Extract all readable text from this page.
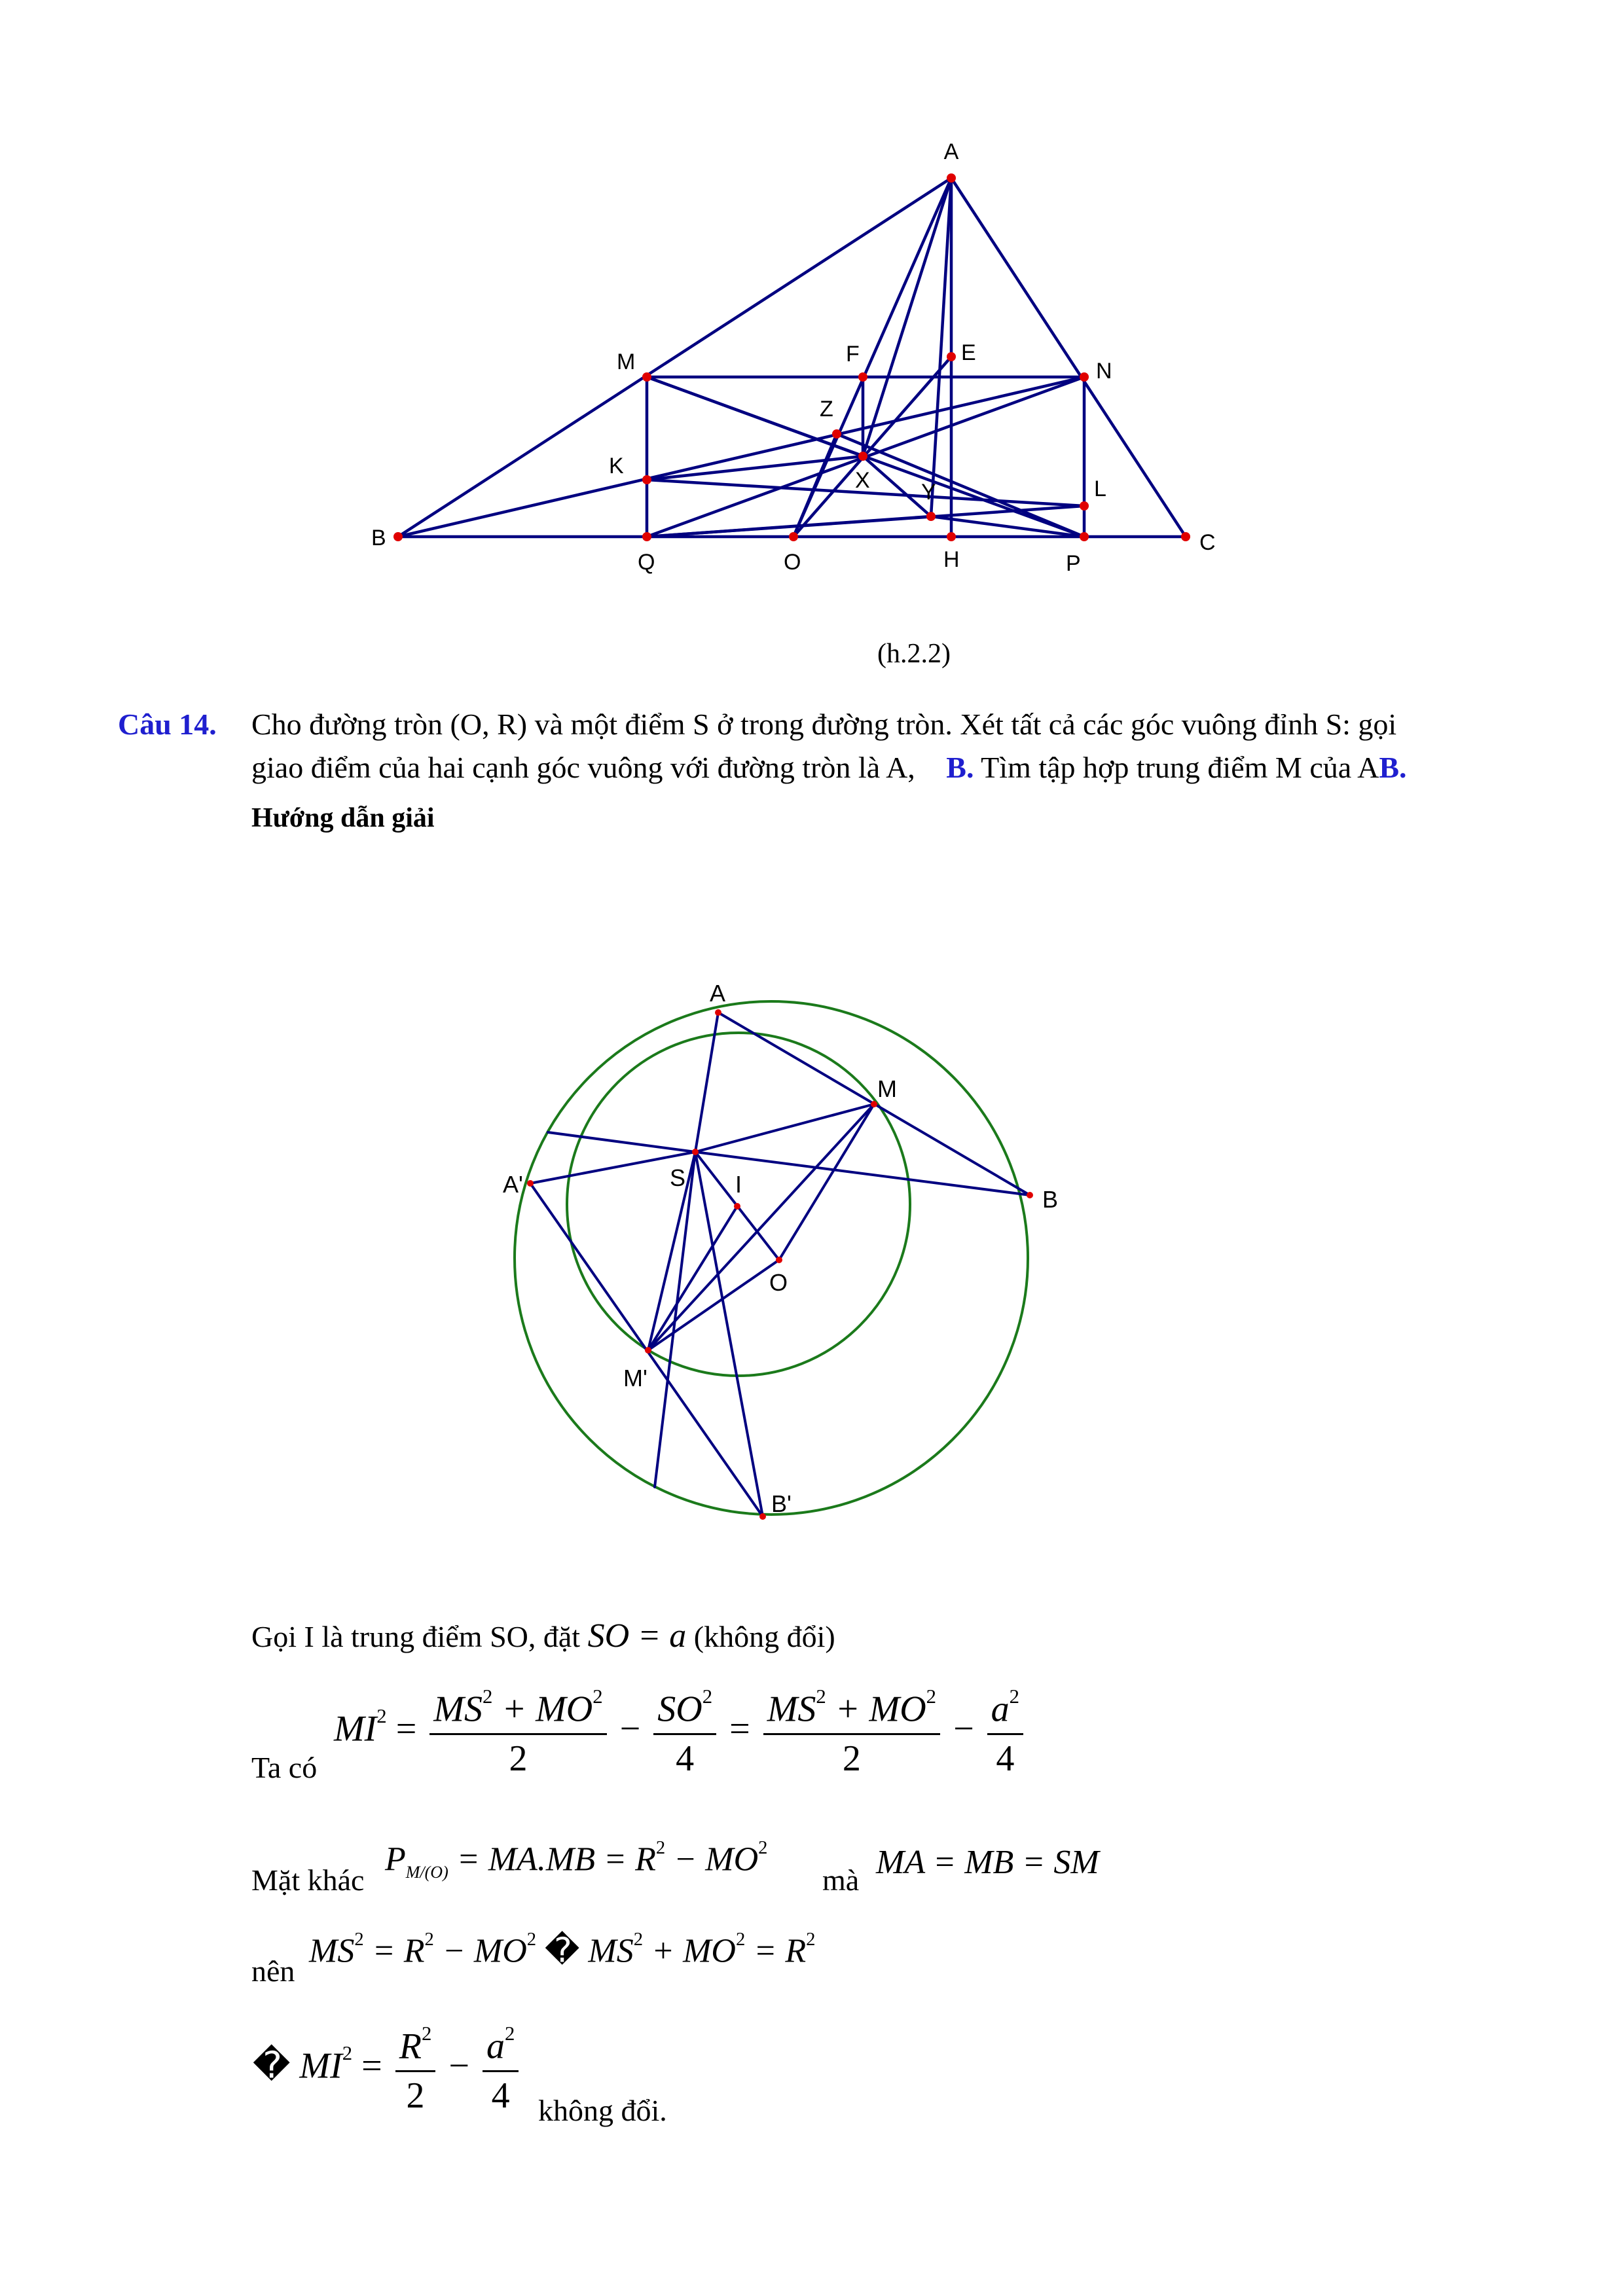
A
B	C
M	N
F	E
Z
X Y
K
L
Q	O	H	P
(h.2.2)
Câu 14. Cho đường tròn (O, R) và một điểm S ở trong đường tròn. Xét tất cả các góc vuông đỉnh S: gọi
giao điểm của hai cạnh góc vuông với đường tròn là A, B. Tìm tập hợp trung điểm M của AB.
Hướng dẫn giải
A
M
A'	S I
B
O
M'
B'
Gọi I là trung điểm SO, đặt SO = a (không đổi)
Ta có
$MI^2 = \frac{MS^2 + MO^2}{2} - \frac{SO^2}{4} = \frac{MS^2 + MO^2}{2} - \frac{a^2}{4}$
Mặt khác
$P_{M/(O)} = MA.MB = R^2 - MO^2$
mà MA = MB = SM
nên
$MS^2 = R^2 - MO^2$ � $MS^2 + MO^2 = R^2$
� $MI^2 = \frac{R^2}{2} - \frac{a^2}{4}$ không đổi.
